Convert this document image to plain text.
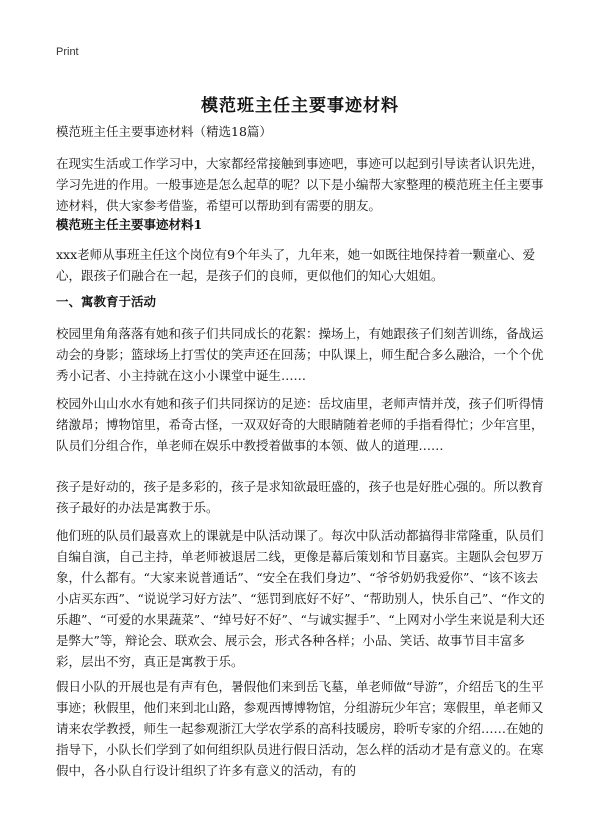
Print
模范班主任主要事迹材料

模范班主任主要事迹材料（精选18篇）

在现实生活或工作学习中，大家都经常接触到事迹吧，事迹可以起到引导读者认识先进，学习先进的作用。一般事迹是怎么起草的呢？以下是小编帮大家整理的模范班主任主要事迹材料，供大家参考借鉴，希望可以帮助到有需要的朋友。

模范班主任主要事迹材料1

xxx老师从事班主任这个岗位有9个年头了，九年来，她一如既往地保持着一颗童心、爱心，跟孩子们融合在一起，是孩子们的良师，更似他们的知心大姐姐。

一、寓教育于活动

校园里角角落落有她和孩子们共同成长的花絮：操场上，有她跟孩子们刻苦训练，备战运动会的身影；篮球场上打雪仗的笑声还在回荡；中队课上，师生配合多么融洽，一个个优秀小记者、小主持就在这小小课堂中诞生……

校园外山山水水有她和孩子们共同探访的足迹：岳坟庙里，老师声情并茂，孩子们听得情绪激昂；博物馆里，希奇古怪，一双双好奇的大眼睛随着老师的手指看得忙；少年宫里，队员们分组合作，单老师在娱乐中教授着做事的本领、做人的道理……

孩子是好动的，孩子是多彩的，孩子是求知欲最旺盛的，孩子也是好胜心强的。所以教育孩子最好的办法是寓教于乐。

他们班的队员们最喜欢上的课就是中队活动课了。每次中队活动都搞得非常隆重，队员们自编自演，自己主持，单老师被退居二线，更像是幕后策划和节目嘉宾。主题队会包罗万象，什么都有。“大家来说普通话”、“安全在我们身边”、“爷爷奶奶我爱你”、“该不该去小店买东西”、“说说学习好方法”、“惩罚到底好不好”、“帮助别人，快乐自己”、“作文的乐趣”、“可爱的水果蔬菜”、“绰号好不好”、“与诚实握手”、“上网对小学生来说是利大还是弊大”等，辩论会、联欢会、展示会，形式各种各样；小品、笑话、故事节目丰富多彩，层出不穷，真正是寓教于乐。

假日小队的开展也是有声有色，暑假他们来到岳飞墓，单老师做“导游”，介绍岳飞的生平事迹；秋假里，他们来到北山路，参观西博博物馆，分组游玩少年宫；寒假里，单老师又请来农学教授，师生一起参观浙江大学农学系的高科技暖房，聆听专家的介绍……在她的指导下，小队长们学到了如何组织队员进行假日活动，怎么样的活动才是有意义的。在寒假中，各小队自行设计组织了许多有意义的活动，有的
